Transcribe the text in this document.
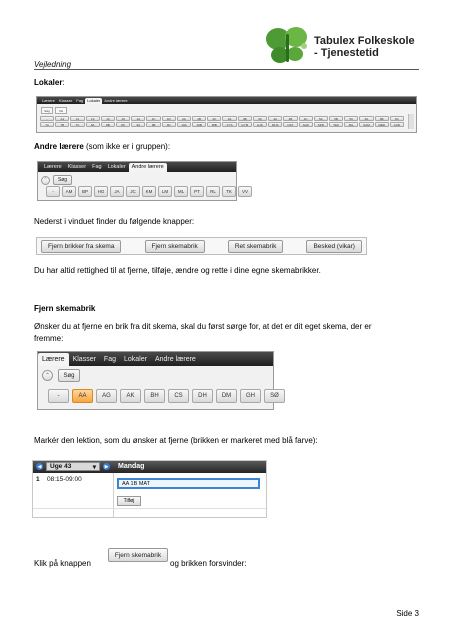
Tabulex Folkeskole
- Tjenestetid
Vejledning
Lokaler:
Lærere	Klasser	Fag	Lokaler	Andre lærere
Søg	Vis
-	A1	11	12	14	16	1A	1C	1D	2A	2B	2C	3A	3B	3C	4A	4B	4C	5A	5B	5C	6A	6B	6C
7A	7B	7C	8A	8B	8C	9A	9B	9C	10A	10B	BIB	FYS	GYM	HJK	MUS	NAT	SLØ	SPR	TEK	BIL	SAM	MED	AUD
Andre lærere (som ikke er i gruppen):
Lærere	Klasser	Fag	Lokaler	Andre lærere
⌃	Søg
-	AM	BP	HG	JA	JC	KM	LM	ML	PT	RL	TK	VV
Nederst i vinduet finder du følgende knapper:
Fjern brikker fra skema	Fjern skemabrik	Ret skemabrik	Besked (vikar)
Du har altid rettighed til at fjerne, tilføje, ændre og rette i dine egne skemabrikker.
Fjern skemabrik
Ønsker du at fjerne en brik fra dit skema, skal du først sørge for, at det er dit eget skema, der er
fremme:
Lærere	Klasser	Fag	Lokaler	Andre lærere
⌃	Søg
-	AA	AG	AK	BH	CS	DH	DM	GH	SØ
Markér den lektion, som du ønsker at fjerne (brikken er markeret med blå farve):
◀ Uge 43	▾	▶ Mandag
1 08:15-09:00
AA 1B MAT
Tilføj
Klik på knappen
Fjern skemabrik
og brikken forsvinder:
Side 3
